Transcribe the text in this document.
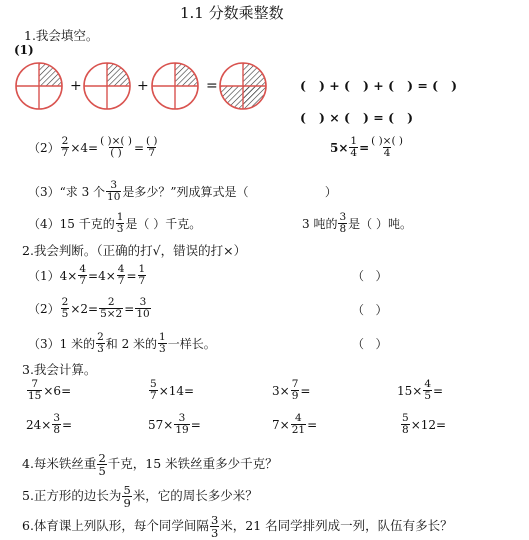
1.1 分数乘整数
1.我会填空。
(1)
+	+	=	(   ) + (   ) + (   ) = (   )
(   ) × (   ) = (   )
$(2) \frac{2}{7} \times 4= \frac{( )\times( )}{( )} = \frac{( )}{7}$	$5\times \frac{1}{4} = \frac{( )\times( )}{4}$
（3）“求 3 个 $\frac{3}{10}$ 是多少？”列成算式是（                    ）
（4）15 千克的 $\frac{1}{3}$ 是（ ）千克。	3 吨的 $\frac{3}{8}$ 是（ ）吨。
2.我会判断。（正确的打√，错误的打×）
$(1)4\times \frac{4}{7} =4\times \frac{4}{7} = \frac{1}{7}$	（   ）
$(2) \frac{2}{5} \times 2= \frac{2}{5\times 2} = \frac{3}{10}$	（   ）
（3）1 米的 $\frac{2}{3}$ 和 2 米的 $\frac{1}{3}$ 一样长。	（   ）
3.我会计算。
$\frac{7}{15} \times 6=$	$\frac{5}{7} \times 14=$	$3\times \frac{7}{9}$ =	$15\times \frac{4}{5}$ =
$24\times \frac{3}{8}$ =	$57\times \frac{3}{19}$ =	$7\times \frac{4}{21}$ =	$\frac{5}{8} \times 12=$
4.每米铁丝重 $\frac{2}{5}$ 千克，15 米铁丝重多少千克？
5.正方形的边长为 $\frac{5}{9}$ 米，它的周长多少米？
6.体育课上列队形，每个同学间隔 $\frac{3}{3}$ 米，21 名同学排列成一列，队伍有多长？
